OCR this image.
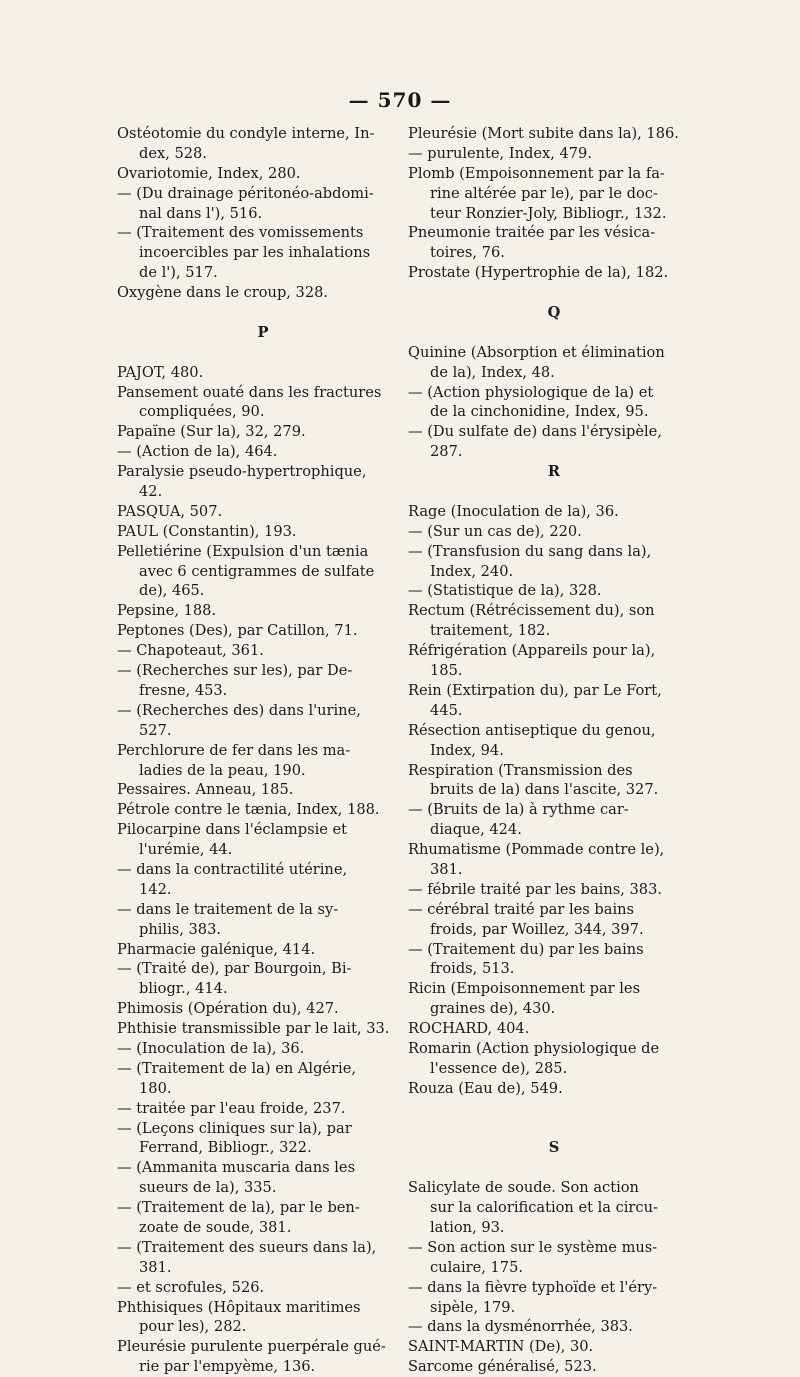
— 570 —
Ostéotomie du condyle interne, In-
dex, 528.
Ovariotomie, Index, 280.
— (Du drainage péritonéo-abdomi-
nal dans l'), 516.
— (Traitement des vomissements
incoercibles par les inhalations
de l'), 517.
Oxygène dans le croup, 328.
P
PAJOT, 480.
Pansement ouaté dans les fractures
compliquées, 90.
Papaïne (Sur la), 32, 279.
— (Action de la), 464.
Paralysie pseudo-hypertrophique,
42.
PASQUA, 507.
PAUL (Constantin), 193.
Pelletiérine (Expulsion d'un tænia
avec 6 centigrammes de sulfate
de), 465.
Pepsine, 188.
Peptones (Des), par Catillon, 71.
— Chapoteaut, 361.
— (Recherches sur les), par De-
fresne, 453.
— (Recherches des) dans l'urine,
527.
Perchlorure de fer dans les ma-
ladies de la peau, 190.
Pessaires. Anneau, 185.
Pétrole contre le tænia, Index, 188.
Pilocarpine dans l'éclampsie et
l'urémie, 44.
— dans la contractilité utérine,
142.
— dans le traitement de la sy-
philis, 383.
Pharmacie galénique, 414.
— (Traité de), par Bourgoin, Bi-
bliogr., 414.
Phimosis (Opération du), 427.
Phthisie transmissible par le lait, 33.
— (Inoculation de la), 36.
— (Traitement de la) en Algérie,
180.
— traitée par l'eau froide, 237.
— (Leçons cliniques sur la), par
Ferrand, Bibliogr., 322.
— (Ammanita muscaria dans les
sueurs de la), 335.
— (Traitement de la), par le ben-
zoate de soude, 381.
— (Traitement des sueurs dans la),
381.
— et scrofules, 526.
Phthisiques (Hôpitaux maritimes
pour les), 282.
Pleurésie purulente puerpérale gué-
rie par l'empyème, 136.
Pleurésie (Mort subite dans la), 186.
— purulente, Index, 479.
Plomb (Empoisonnement par la fa-
rine altérée par le), par le doc-
teur Ronzier-Joly, Bibliogr., 132.
Pneumonie traitée par les vésica-
toires, 76.
Prostate (Hypertrophie de la), 182.
Q
Quinine (Absorption et élimination
de la), Index, 48.
— (Action physiologique de la) et
de la cinchonidine, Index, 95.
— (Du sulfate de) dans l'érysipèle,
287.
R
Rage (Inoculation de la), 36.
— (Sur un cas de), 220.
— (Transfusion du sang dans la),
Index, 240.
— (Statistique de la), 328.
Rectum (Rétrécissement du), son
traitement, 182.
Réfrigération (Appareils pour la),
185.
Rein (Extirpation du), par Le Fort,
445.
Résection antiseptique du genou,
Index, 94.
Respiration (Transmission des
bruits de la) dans l'ascite, 327.
— (Bruits de la) à rythme car-
diaque, 424.
Rhumatisme (Pommade contre le),
381.
— fébrile traité par les bains, 383.
— cérébral traité par les bains
froids, par Woillez, 344, 397.
— (Traitement du) par les bains
froids, 513.
Ricin (Empoisonnement par les
graines de), 430.
ROCHARD, 404.
Romarin (Action physiologique de
l'essence de), 285.
Rouza (Eau de), 549.
S
Salicylate de soude. Son action
sur la calorification et la circu-
lation, 93.
— Son action sur le système mus-
culaire, 175.
— dans la fièvre typhoïde et l'éry-
sipèle, 179.
— dans la dysménorrhée, 383.
SAINT-MARTIN (De), 30.
Sarcome généralisé, 523.
